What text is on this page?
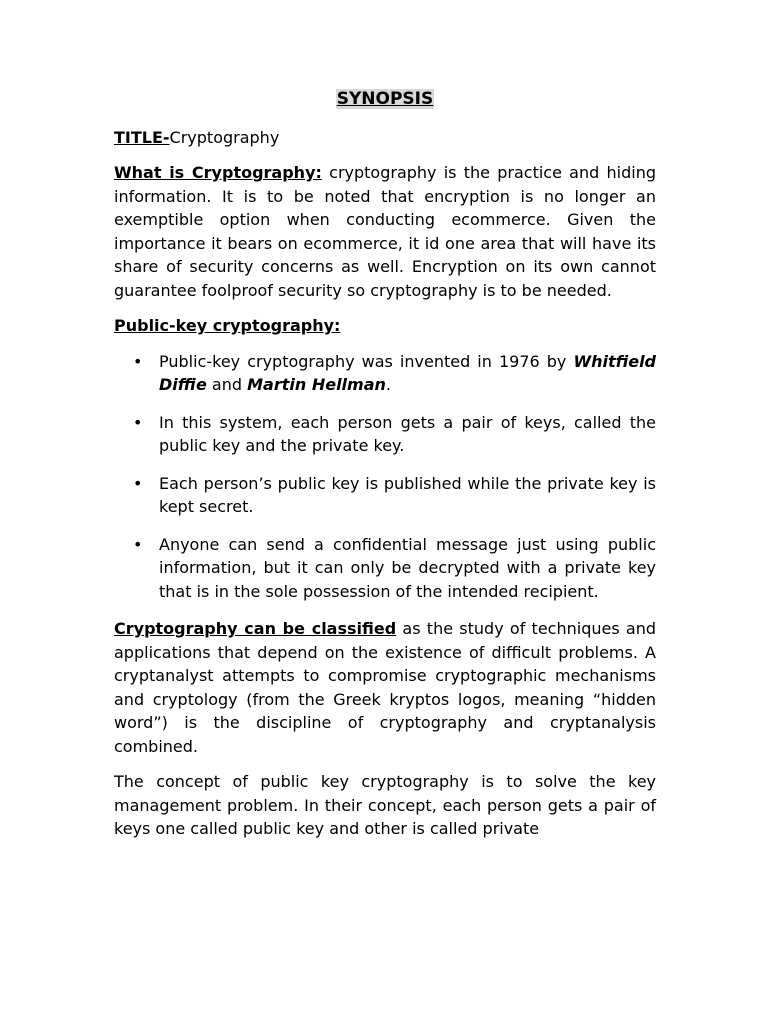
SYNOPSIS

TITLE-Cryptography

What is Cryptography: cryptography is the practice and hiding information. It is to be noted that encryption is no longer an exemptible option when conducting ecommerce. Given the importance it bears on ecommerce, it id one area that will have its share of security concerns as well. Encryption on its own cannot guarantee foolproof security so cryptography is to be needed.

Public-key cryptography:

• Public-key cryptography was invented in 1976 by Whitfield Diffie and Martin Hellman.
• In this system, each person gets a pair of keys, called the public key and the private key.
• Each person’s public key is published while the private key is kept secret.
• Anyone can send a confidential message just using public information, but it can only be decrypted with a private key that is in the sole possession of the intended recipient.

Cryptography can be classified as the study of techniques and applications that depend on the existence of difficult problems. A cryptanalyst attempts to compromise cryptographic mechanisms and cryptology (from the Greek kryptos logos, meaning “hidden word”) is the discipline of cryptography and cryptanalysis combined.

The concept of public key cryptography is to solve the key management problem. In their concept, each person gets a pair of keys one called public key and other is called private
